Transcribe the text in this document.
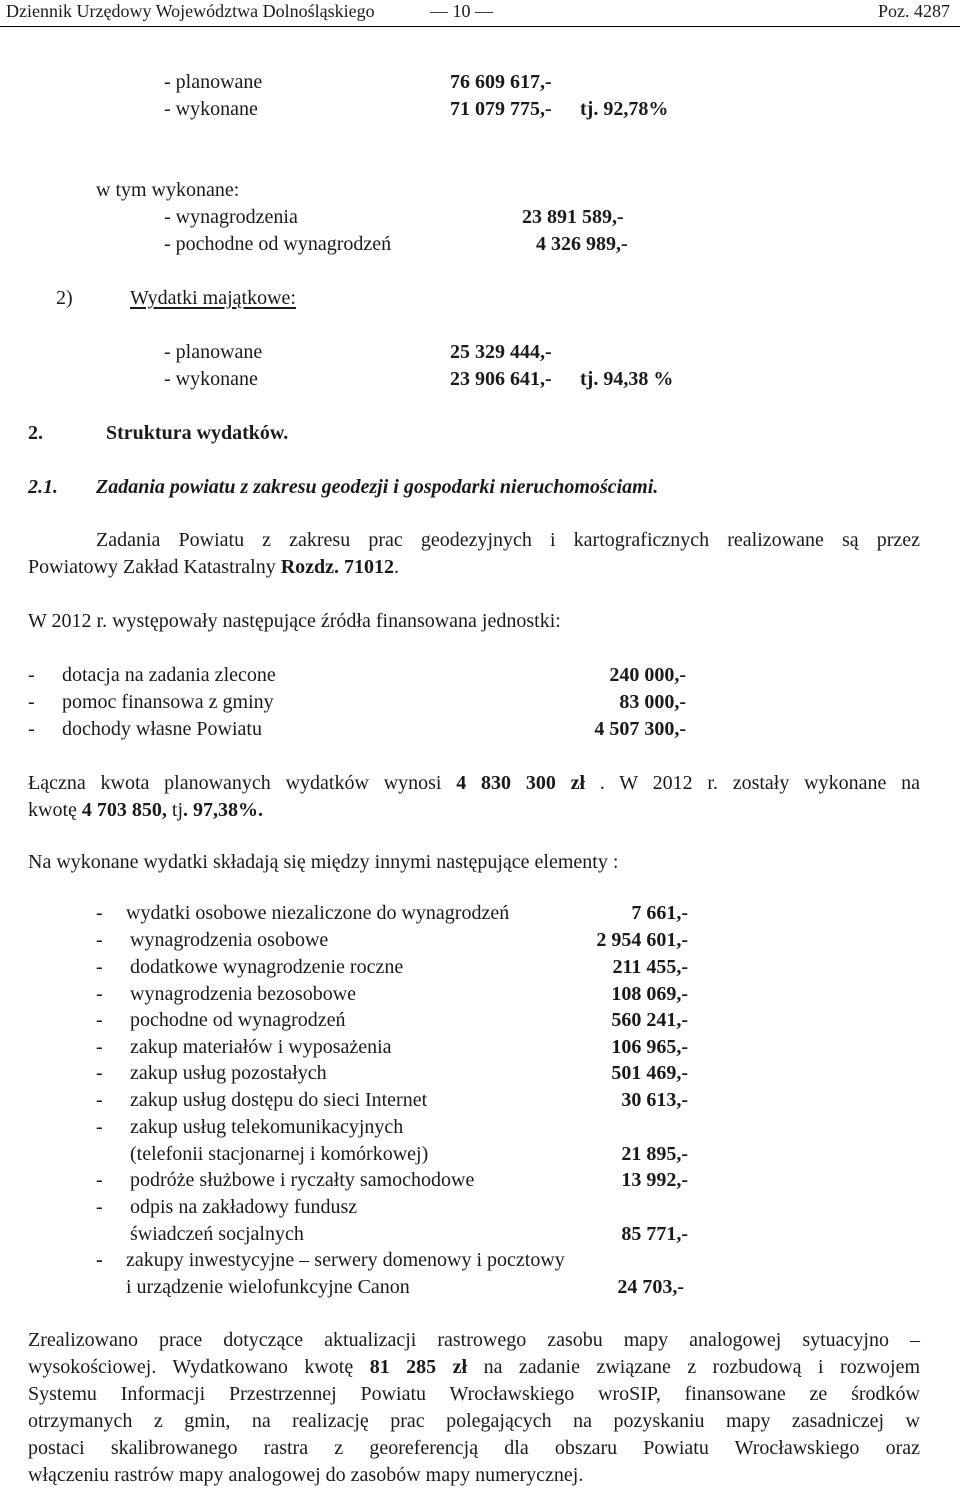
Dziennik Urzędowy Województwa Dolnośląskiego	— 10 —	Poz. 4287
- planowane	76 609 617,-
- wykonane	71 079 775,- tj. 92,78%
w tym wykonane:
- wynagrodzenia	23 891 589,-
- pochodne od wynagrodzeń	4 326 989,-
2)	Wydatki majątkowe:
- planowane	25 329 444,-
- wykonane	23 906 641,- tj. 94,38 %
2.	Struktura wydatków.
2.1. Zadania powiatu z zakresu geodezji i gospodarki nieruchomościami.
Zadania Powiatu z zakresu prac geodezyjnych i kartograficznych realizowane są przez
Powiatowy Zakład Katastralny Rozdz. 71012.
W 2012 r. występowały następujące źródła finansowana jednostki:
- dotacja na zadania zlecone	240 000,-
- pomoc finansowa z gminy	83 000,-
- dochody własne Powiatu	4 507 300,-
Łączna kwota planowanych wydatków wynosi 4 830 300 zł . W 2012 r. zostały wykonane na
kwotę 4 703 850, tj. 97,38%.
Na wykonane wydatki składają się między innymi następujące elementy :
- wydatki osobowe niezaliczone do wynagrodzeń	7 661,-
- wynagrodzenia osobowe	2 954 601,-
- dodatkowe wynagrodzenie roczne	211 455,-
- wynagrodzenia bezosobowe	108 069,-
- pochodne od wynagrodzeń	560 241,-
- zakup materiałów i wyposażenia	106 965,-
- zakup usług pozostałych	501 469,-
- zakup usług dostępu do sieci Internet	30 613,-
- zakup usług telekomunikacyjnych
(telefonii stacjonarnej i komórkowej)	21 895,-
- podróże służbowe i ryczałty samochodowe	13 992,-
- odpis na zakładowy fundusz
świadczeń socjalnych	85 771,-
- zakupy inwestycyjne – serwery domenowy i pocztowy
i urządzenie wielofunkcyjne Canon	24 703,-
Zrealizowano prace dotyczące aktualizacji rastrowego zasobu mapy analogowej sytuacyjno –
wysokościowej. Wydatkowano kwotę 81 285 zł na zadanie związane z rozbudową i rozwojem
Systemu Informacji Przestrzennej Powiatu Wrocławskiego wroSIP, finansowane ze środków
otrzymanych z gmin, na realizację prac polegających na pozyskaniu mapy zasadniczej w
postaci skalibrowanego rastra z georeferencją dla obszaru Powiatu Wrocławskiego oraz
włączeniu rastrów mapy analogowej do zasobów mapy numerycznej.
